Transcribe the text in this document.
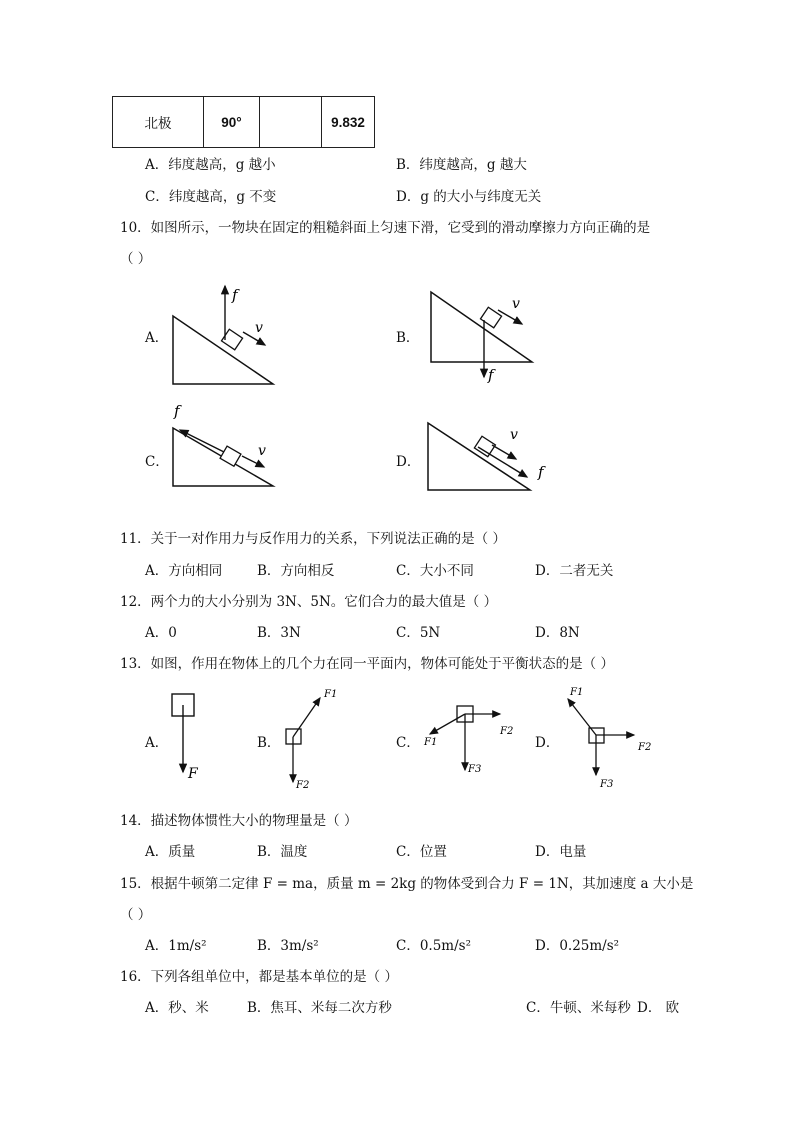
北极	90°		9.832
A．纬度越高，g 越小	B．纬度越高，g 越大
C．纬度越高，g 不变	D．g 的大小与纬度无关
10．如图所示，一物块在固定的粗糙斜面上匀速下滑，它受到的滑动摩擦力方向正确的是
（ ）
A．	B．
C．	D．
f
v
f
v
f
v
f
v
11．关于一对作用力与反作用力的关系，下列说法正确的是（ ）
A．方向相同	B．方向相反	C．大小不同	D．二者无关
12．两个力的大小分别为 3N、5N。它们合力的最大值是（ ）
A．0	B．3N	C．5N	D．8N
13．如图，作用在物体上的几个力在同一平面内，物体可能处于平衡状态的是（ ）
A．	B．	C．	D．
F
F1
F2
F1
F2
F3
F1
F2
F3
14．描述物体惯性大小的物理量是（ ）
A．质量	B．温度	C．位置	D．电量
15．根据牛顿第二定律 F = ma，质量 m = 2kg 的物体受到合力 F = 1N，其加速度 a 大小是
（ ）
A．1m/s²	B．3m/s²	C．0.5m/s²	D．0.25m/s²
16．下列各组单位中，都是基本单位的是（ ）
A．秒、米	B．焦耳、米每二次方秒	C．牛顿、米每秒 D． 欧
